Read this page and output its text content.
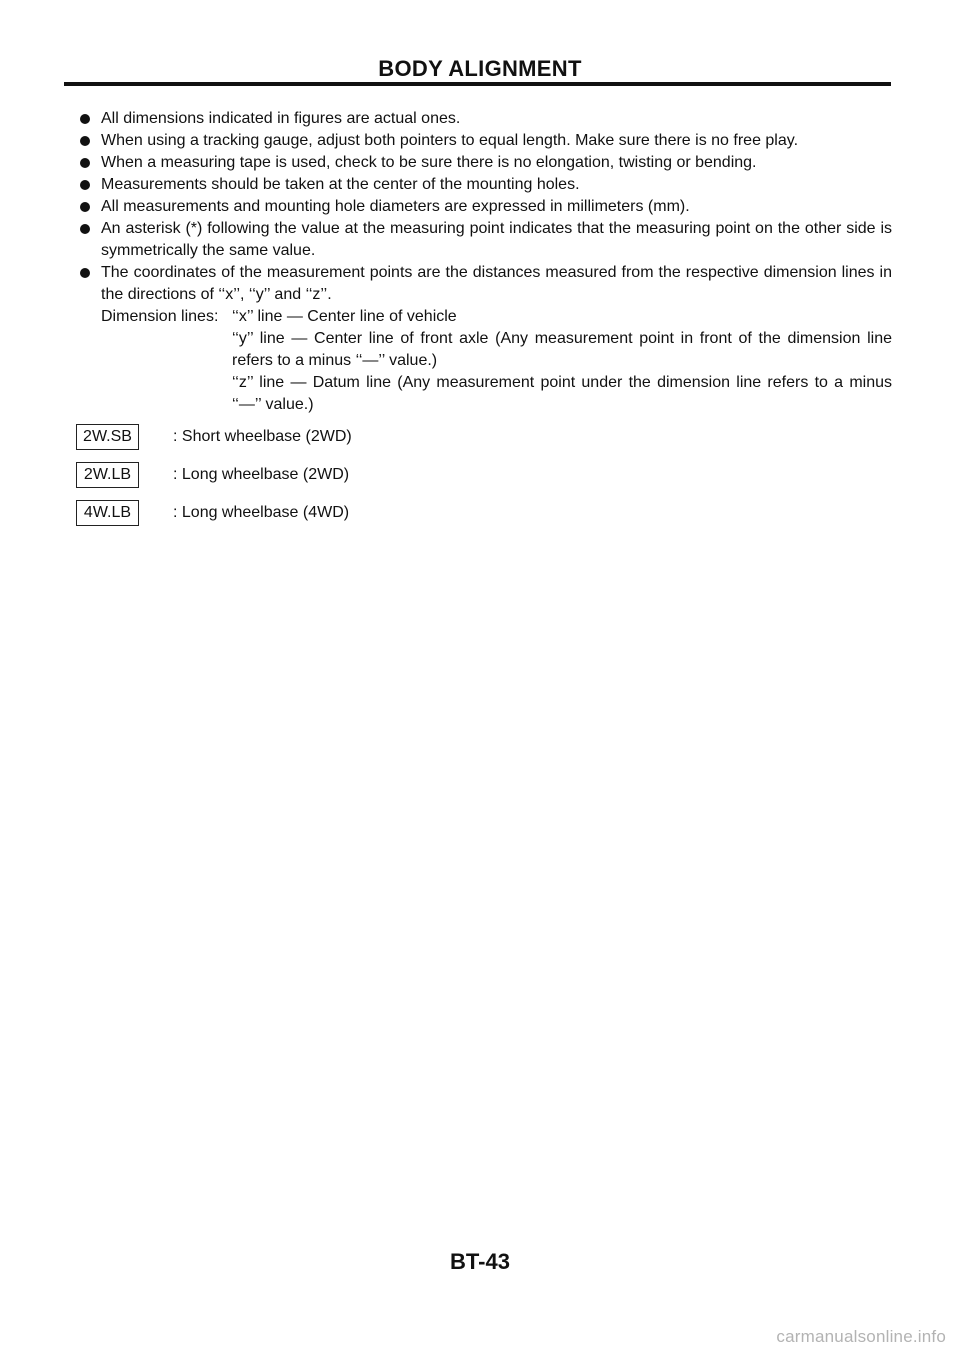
BODY ALIGNMENT
All dimensions indicated in figures are actual ones.
When using a tracking gauge, adjust both pointers to equal length. Make sure there is no free play.
When a measuring tape is used, check to be sure there is no elongation, twisting or bending.
Measurements should be taken at the center of the mounting holes.
All measurements and mounting hole diameters are expressed in millimeters (mm).
An asterisk (*) following the value at the measuring point indicates that the measuring point on the other side is symmetrically the same value.
The coordinates of the measurement points are the distances measured from the respective dimension lines in the directions of ‘‘x’’, ‘‘y’’ and ‘‘z’’.
Dimension lines: ‘‘x’’ line — Center line of vehicle
‘‘y’’ line — Center line of front axle (Any measurement point in front of the dimension line refers to a minus ‘‘—’’ value.)
‘‘z’’ line — Datum line (Any measurement point under the dimension line refers to a minus ‘‘—’’ value.)
2W.SB	: Short wheelbase (2WD)
2W.LB	: Long wheelbase (2WD)
4W.LB	: Long wheelbase (4WD)
BT-43
carmanualsonline.info
